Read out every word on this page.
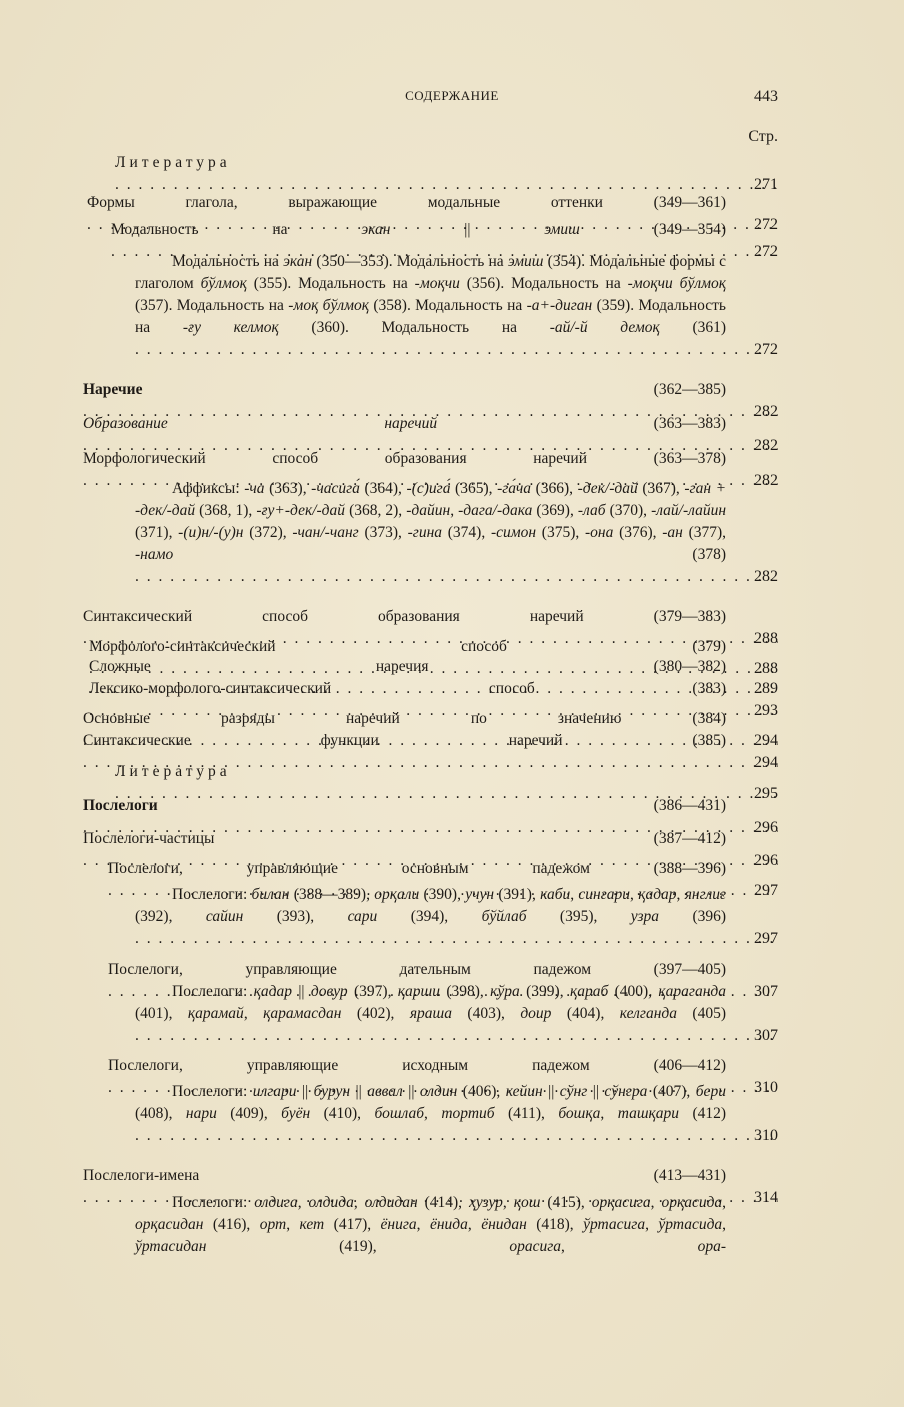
СОДЕРЖАНИЕ	443
Стр.
Литература . . .
271
Формы глагола, выражающие модальные оттенки (349—361) . . .
272
Модальность на экан || эмиш (349—354) . . .
272
Модальность на экан (350—353). Модальность на эмиш (354). Модальные формы с глаголом бўлмоқ (355). Модальность на -моқчи (356). Модальность на -моқчи бўлмоқ (357). Модальность на -моқ бўлмоқ (358). Модальность на -а+-диган (359). Модальность на -ғу келмоқ (360). Модальность на -ай/-й демоқ (361) . . .
272
Наречие (362—385) . . .
282
Образование наречий (363—383) . . .
282
Морфологический способ образования наречий (363—378) . . .
282
Аффиксы: -ча (363), -часига́ (364), -(с)ига́ (365), -га́ча (366), -дек/-дай (367), -ган + -дек/-дай (368, 1), -ғу+-дек/-дай (368, 2), -дайин, -дага/-дака (369), -лаб (370), -лай/-лайин (371), -(и)н/-(у)н (372), -чан/-чанг (373), -гина (374), -симон (375), -она (376), -ан (377), -намо (378) . . .
282
Синтаксический способ образования наречий (379—383) . . .
288
Морфолого-синтаксический способ (379) . . .
288
Сложные наречия (380—382) . . .
289
Лексико-морфолого-синтаксический способ (383) . . .
293
Основные разряды наречий по значению (384) . . .
294
Синтаксические функции наречий (385) . . .
294
Литература . . .
295
Послелоги (386—431) . . .
296
Послелоги-частицы (387—412) . . .
296
Послелоги, управляющие основным падежом (388—396) . . .
297
Послелоги: билан (388—389), орқали (390), учун (391), каби, сингари, қадар, янглиғ (392), сайин (393), сари (394), бўйлаб (395), узра (396) . . .
297
Послелоги, управляющие дательным падежом (397—405) . . .
307
Послелоги: қадар || довур (397), қарши (398), кўра (399), қараб (400), қараганда (401), қарамай, қарамасдан (402), яраша (403), доир (404), келганда (405) . . .
307
Послелоги, управляющие исходным падежом (406—412) . . .
310
Послелоги: илгари || бурун || аввал || олдин (406), кейин || сўнг || сўнгра (407), бери (408), нари (409), буён (410), бошлаб, тортиб (411), бошқа, ташқари (412) . . .
310
Послелоги-имена (413—431) . . .
314
Послелоги: олдига, олдида, олдидан (414), ҳузур, қош (415), орқасига, орқасида, орқасидан (416), орт, кет (417), ёнига, ёнида, ёнидан (418), ўртасига, ўртасида, ўртасидан (419), орасига, ора-
